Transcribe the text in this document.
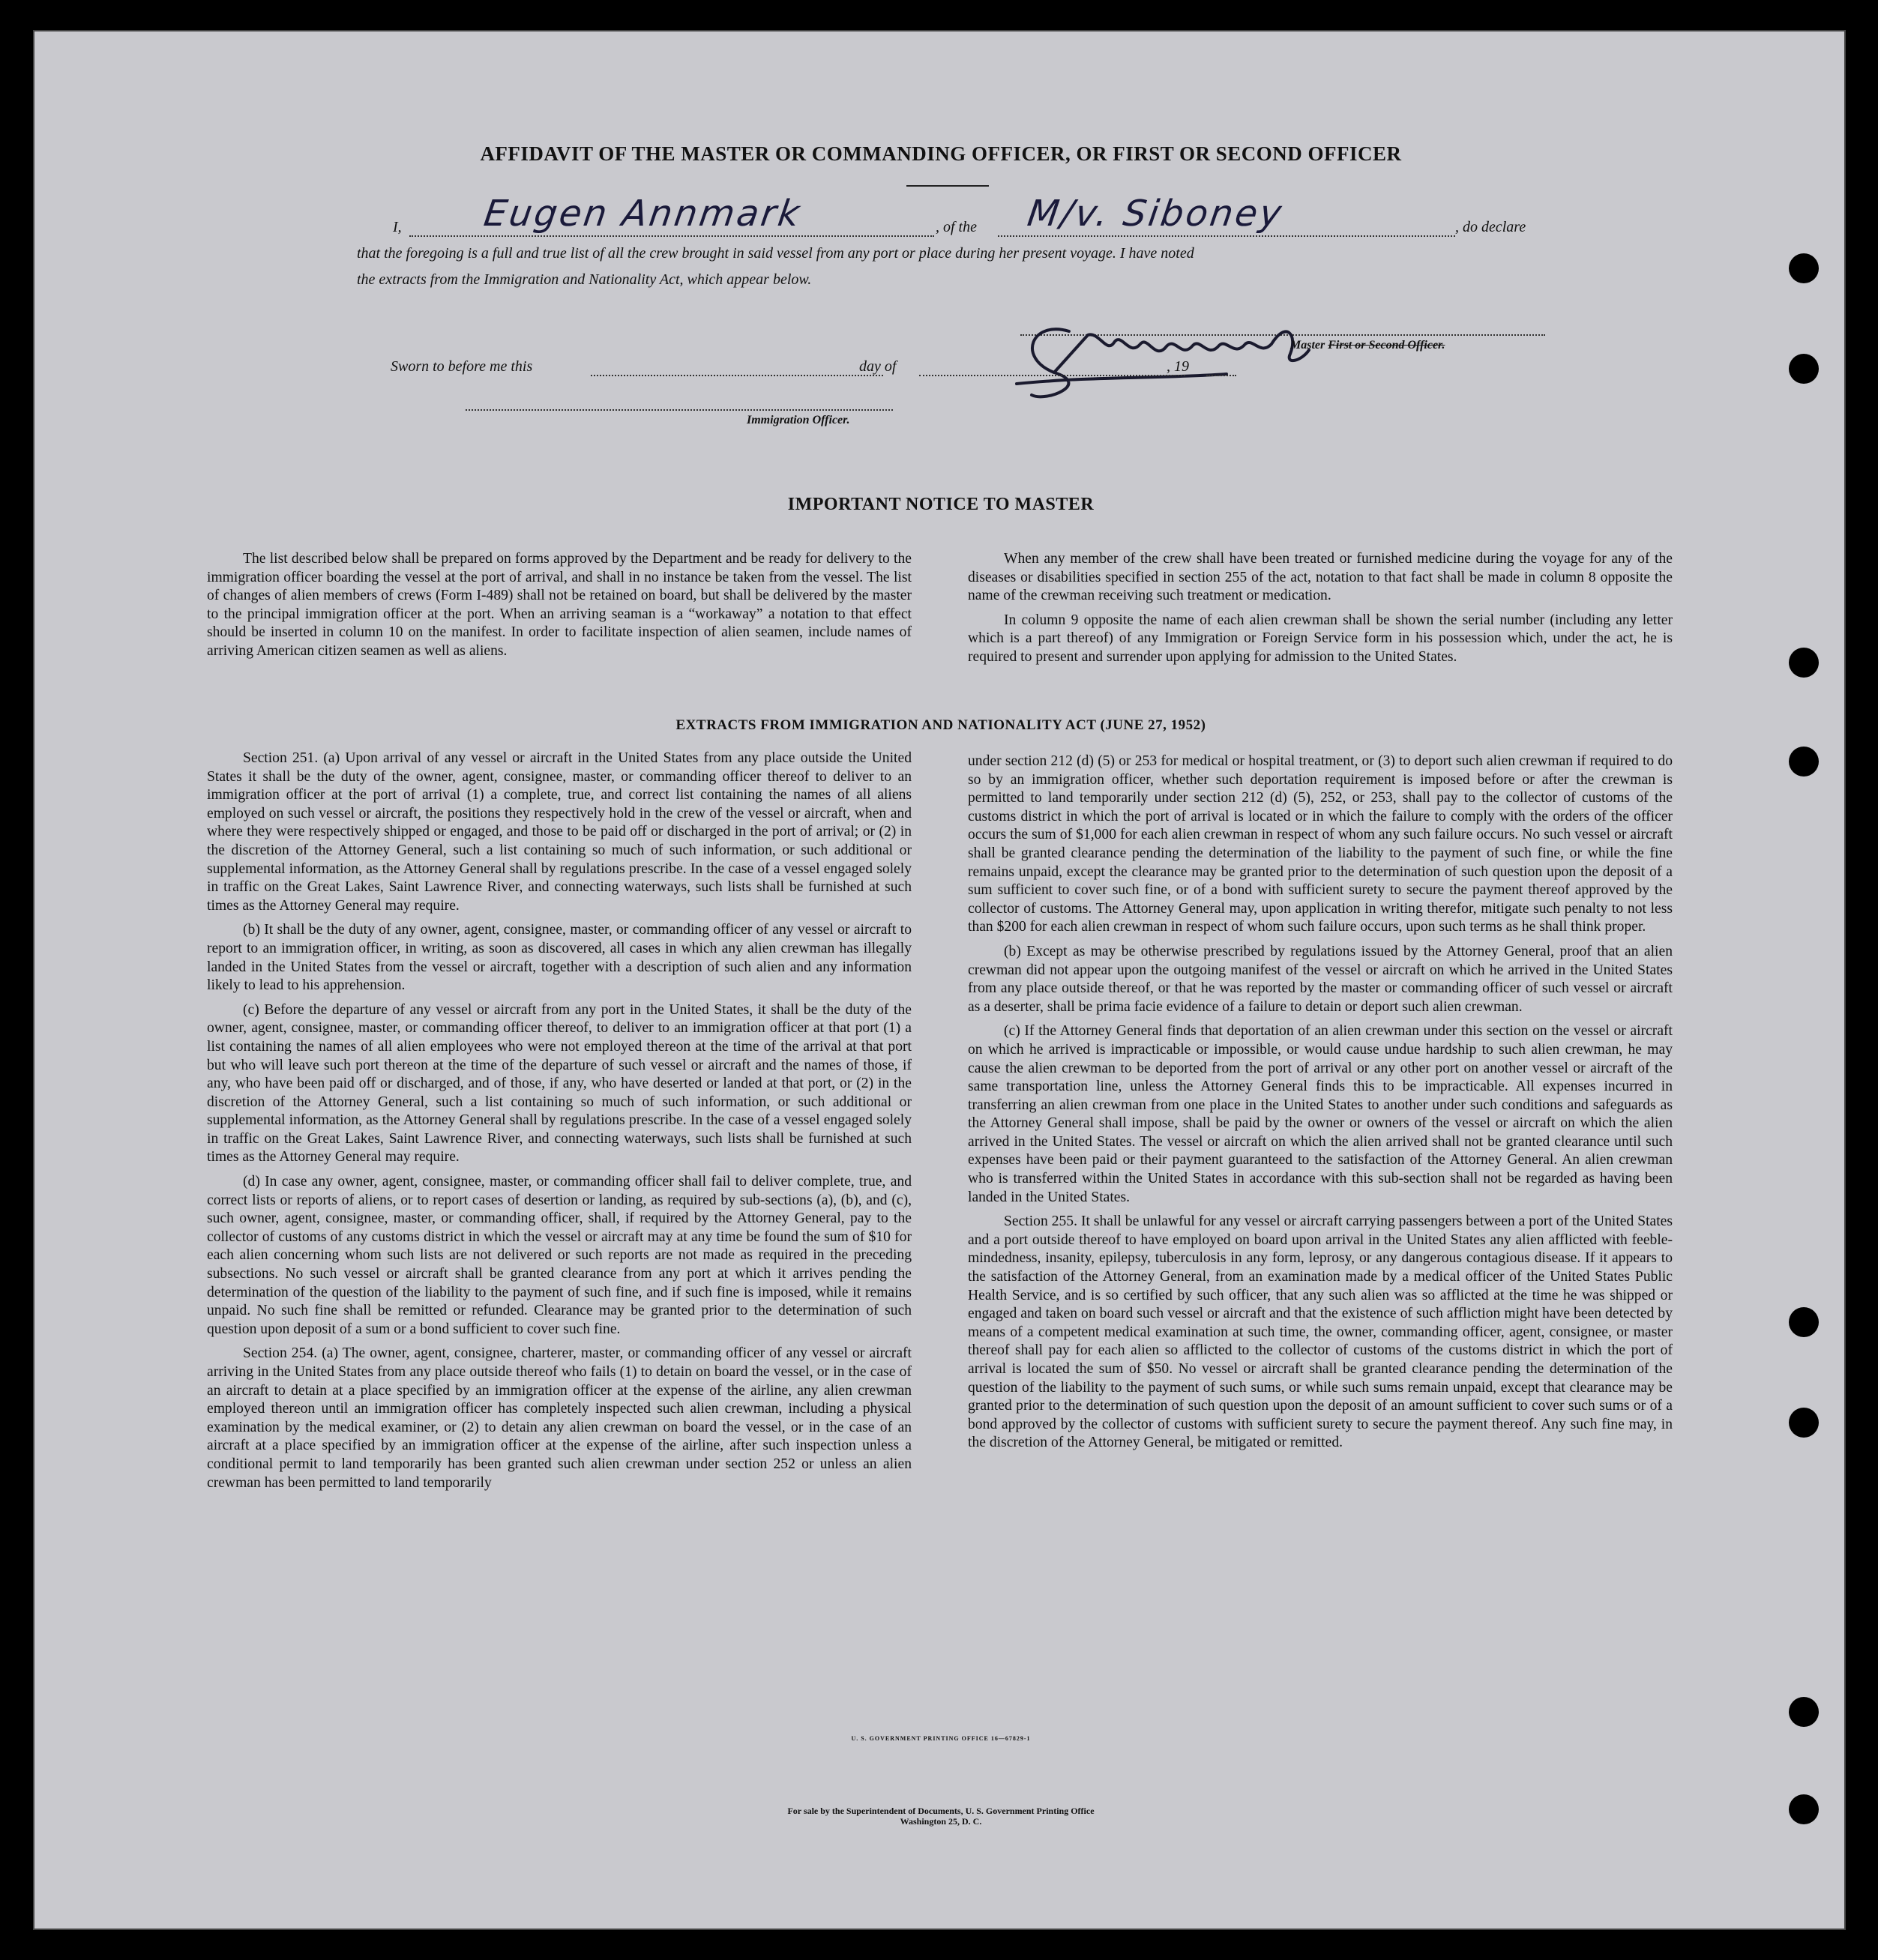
AFFIDAVIT OF THE MASTER OR COMMANDING OFFICER, OR FIRST OR SECOND OFFICER
I, Eugen Annmark	, of the M/v. Siboney	, do declare
that the foregoing is a full and true list of all the crew brought in said vessel from any port or place during her present voyage. I have noted
the extracts from the Immigration and Nationality Act, which appear below.
Master First or Second Officer.
Sworn to before me this	day of	, 19
Immigration Officer.
IMPORTANT NOTICE TO MASTER

The list described below shall be prepared on forms approved by the Department and be ready for delivery to the immigration officer boarding the vessel at the port of arrival, and shall in no instance be taken from the vessel. The list of changes of alien members of crews (Form I-489) shall not be retained on board, but shall be delivered by the master to the principal immigration officer at the port. When an arriving seaman is a “workaway” a notation to that effect should be inserted in column 10 on the manifest. In order to facilitate inspection of alien seamen, include names of arriving American citizen seamen as well as aliens.

When any member of the crew shall have been treated or furnished medicine during the voyage for any of the diseases or disabilities specified in section 255 of the act, notation to that fact shall be made in column 8 opposite the name of the crewman receiving such treatment or medication.

In column 9 opposite the name of each alien crewman shall be shown the serial number (including any letter which is a part thereof) of any Immigration or Foreign Service form in his possession which, under the act, he is required to present and surrender upon applying for admission to the United States.

EXTRACTS FROM IMMIGRATION AND NATIONALITY ACT (JUNE 27, 1952)

Section 251. (a) Upon arrival of any vessel or aircraft in the United States from any place outside the United States it shall be the duty of the owner, agent, consignee, master, or commanding officer thereof to deliver to an immigration officer at the port of arrival (1) a complete, true, and correct list containing the names of all aliens employed on such vessel or aircraft, the positions they respectively hold in the crew of the vessel or aircraft, when and where they were respectively shipped or engaged, and those to be paid off or discharged in the port of arrival; or (2) in the discretion of the Attorney General, such a list containing so much of such information, or such additional or supplemental information, as the Attorney General shall by regulations prescribe. In the case of a vessel engaged solely in traffic on the Great Lakes, Saint Lawrence River, and connecting waterways, such lists shall be furnished at such times as the Attorney General may require.

(b) It shall be the duty of any owner, agent, consignee, master, or commanding officer of any vessel or aircraft to report to an immigration officer, in writing, as soon as discovered, all cases in which any alien crewman has illegally landed in the United States from the vessel or aircraft, together with a description of such alien and any information likely to lead to his apprehension.

(c) Before the departure of any vessel or aircraft from any port in the United States, it shall be the duty of the owner, agent, consignee, master, or commanding officer thereof, to deliver to an immigration officer at that port (1) a list containing the names of all alien employees who were not employed thereon at the time of the arrival at that port but who will leave such port thereon at the time of the departure of such vessel or aircraft and the names of those, if any, who have been paid off or discharged, and of those, if any, who have deserted or landed at that port, or (2) in the discretion of the Attorney General, such a list containing so much of such information, or such additional or supplemental information, as the Attorney General shall by regulations prescribe. In the case of a vessel engaged solely in traffic on the Great Lakes, Saint Lawrence River, and connecting waterways, such lists shall be furnished at such times as the Attorney General may require.

(d) In case any owner, agent, consignee, master, or commanding officer shall fail to deliver complete, true, and correct lists or reports of aliens, or to report cases of desertion or landing, as required by sub-sections (a), (b), and (c), such owner, agent, consignee, master, or commanding officer, shall, if required by the Attorney General, pay to the collector of customs of any customs district in which the vessel or aircraft may at any time be found the sum of $10 for each alien concerning whom such lists are not delivered or such reports are not made as required in the preceding subsections. No such vessel or aircraft shall be granted clearance from any port at which it arrives pending the determination of the question of the liability to the payment of such fine, and if such fine is imposed, while it remains unpaid. No such fine shall be remitted or refunded. Clearance may be granted prior to the determination of such question upon deposit of a sum or a bond sufficient to cover such fine.

Section 254. (a) The owner, agent, consignee, charterer, master, or commanding officer of any vessel or aircraft arriving in the United States from any place outside thereof who fails (1) to detain on board the vessel, or in the case of an aircraft to detain at a place specified by an immigration officer at the expense of the airline, any alien crewman employed thereon until an immigration officer has completely inspected such alien crewman, including a physical examination by the medical examiner, or (2) to detain any alien crewman on board the vessel, or in the case of an aircraft at a place specified by an immigration officer at the expense of the airline, after such inspection unless a conditional permit to land temporarily has been granted such alien crewman under section 252 or unless an alien crewman has been permitted to land temporarily

under section 212 (d) (5) or 253 for medical or hospital treatment, or (3) to deport such alien crewman if required to do so by an immigration officer, whether such deportation requirement is imposed before or after the crewman is permitted to land temporarily under section 212 (d) (5), 252, or 253, shall pay to the collector of customs of the customs district in which the port of arrival is located or in which the failure to comply with the orders of the officer occurs the sum of $1,000 for each alien crewman in respect of whom any such failure occurs. No such vessel or aircraft shall be granted clearance pending the determination of the liability to the payment of such fine, or while the fine remains unpaid, except the clearance may be granted prior to the determination of such question upon the deposit of a sum sufficient to cover such fine, or of a bond with sufficient surety to secure the payment thereof approved by the collector of customs. The Attorney General may, upon application in writing therefor, mitigate such penalty to not less than $200 for each alien crewman in respect of whom such failure occurs, upon such terms as he shall think proper.

(b) Except as may be otherwise prescribed by regulations issued by the Attorney General, proof that an alien crewman did not appear upon the outgoing manifest of the vessel or aircraft on which he arrived in the United States from any place outside thereof, or that he was reported by the master or commanding officer of such vessel or aircraft as a deserter, shall be prima facie evidence of a failure to detain or deport such alien crewman.

(c) If the Attorney General finds that deportation of an alien crewman under this section on the vessel or aircraft on which he arrived is impracticable or impossible, or would cause undue hardship to such alien crewman, he may cause the alien crewman to be deported from the port of arrival or any other port on another vessel or aircraft of the same transportation line, unless the Attorney General finds this to be impracticable. All expenses incurred in transferring an alien crewman from one place in the United States to another under such conditions and safeguards as the Attorney General shall impose, shall be paid by the owner or owners of the vessel or aircraft on which the alien arrived in the United States. The vessel or aircraft on which the alien arrived shall not be granted clearance until such expenses have been paid or their payment guaranteed to the satisfaction of the Attorney General. An alien crewman who is transferred within the United States in accordance with this sub-section shall not be regarded as having been landed in the United States.

Section 255. It shall be unlawful for any vessel or aircraft carrying passengers between a port of the United States and a port outside thereof to have employed on board upon arrival in the United States any alien afflicted with feeble-mindedness, insanity, epilepsy, tuberculosis in any form, leprosy, or any dangerous contagious disease. If it appears to the satisfaction of the Attorney General, from an examination made by a medical officer of the United States Public Health Service, and is so certified by such officer, that any such alien was so afflicted at the time he was shipped or engaged and taken on board such vessel or aircraft and that the existence of such affliction might have been detected by means of a competent medical examination at such time, the owner, commanding officer, agent, consignee, or master thereof shall pay for each alien so afflicted to the collector of customs of the customs district in which the port of arrival is located the sum of $50. No vessel or aircraft shall be granted clearance pending the determination of the question of the liability to the payment of such sums, or while such sums remain unpaid, except that clearance may be granted prior to the determination of such question upon the deposit of an amount sufficient to cover such sums or of a bond approved by the collector of customs with sufficient surety to secure the payment thereof. Any such fine may, in the discretion of the Attorney General, be mitigated or remitted.

U. S. GOVERNMENT PRINTING OFFICE 16—67829-1
For sale by the Superintendent of Documents, U. S. Government Printing Office
Washington 25, D. C.
